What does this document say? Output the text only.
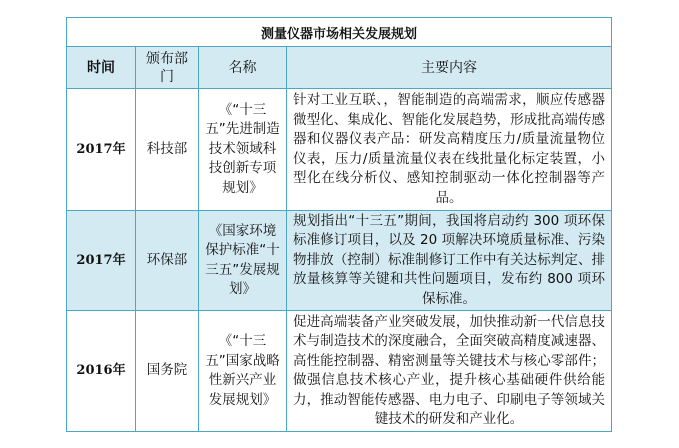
测量仪器市场相关发展规划			
时间	颁布部门	名称	主要内容
2017年	科技部	《“十三五”先进制造技术领域科技创新专项规划》	针对工业互联、，智能制造的高端需求，顺应传感器微型化、集成化、智能化发展趋势，形成批高端传感器和仪器仪表产品：研发高精度压力/质量流量物位仪表，压力/质量流量仪表在线批量化标定装置，小型化在线分析仪、感知控制驱动一体化控制器等产品。
2017年	环保部	《国家环境保护标准“十三五”发展规划》	规划指出“十三五”期间，我国将启动约 300 项环保标准修订项目，以及 20 项解决环境质量标准、污染物排放（控制）标准制修订工作中有关达标判定、排放量核算等关键和共性问题项目，发布约 800 项环保标准。
2016年	国务院	《“十三五”国家战略性新兴产业发展规划》	促进高端装备产业突破发展，加快推动新一代信息技术与制造技术的深度融合，全面突破高精度减速器、高性能控制器、精密测量等关键技术与核心零部件；做强信息技术核心产业，提升核心基础硬件供给能力，推动智能传感器、电力电子、印刷电子等领域关键技术的研发和产业化。
